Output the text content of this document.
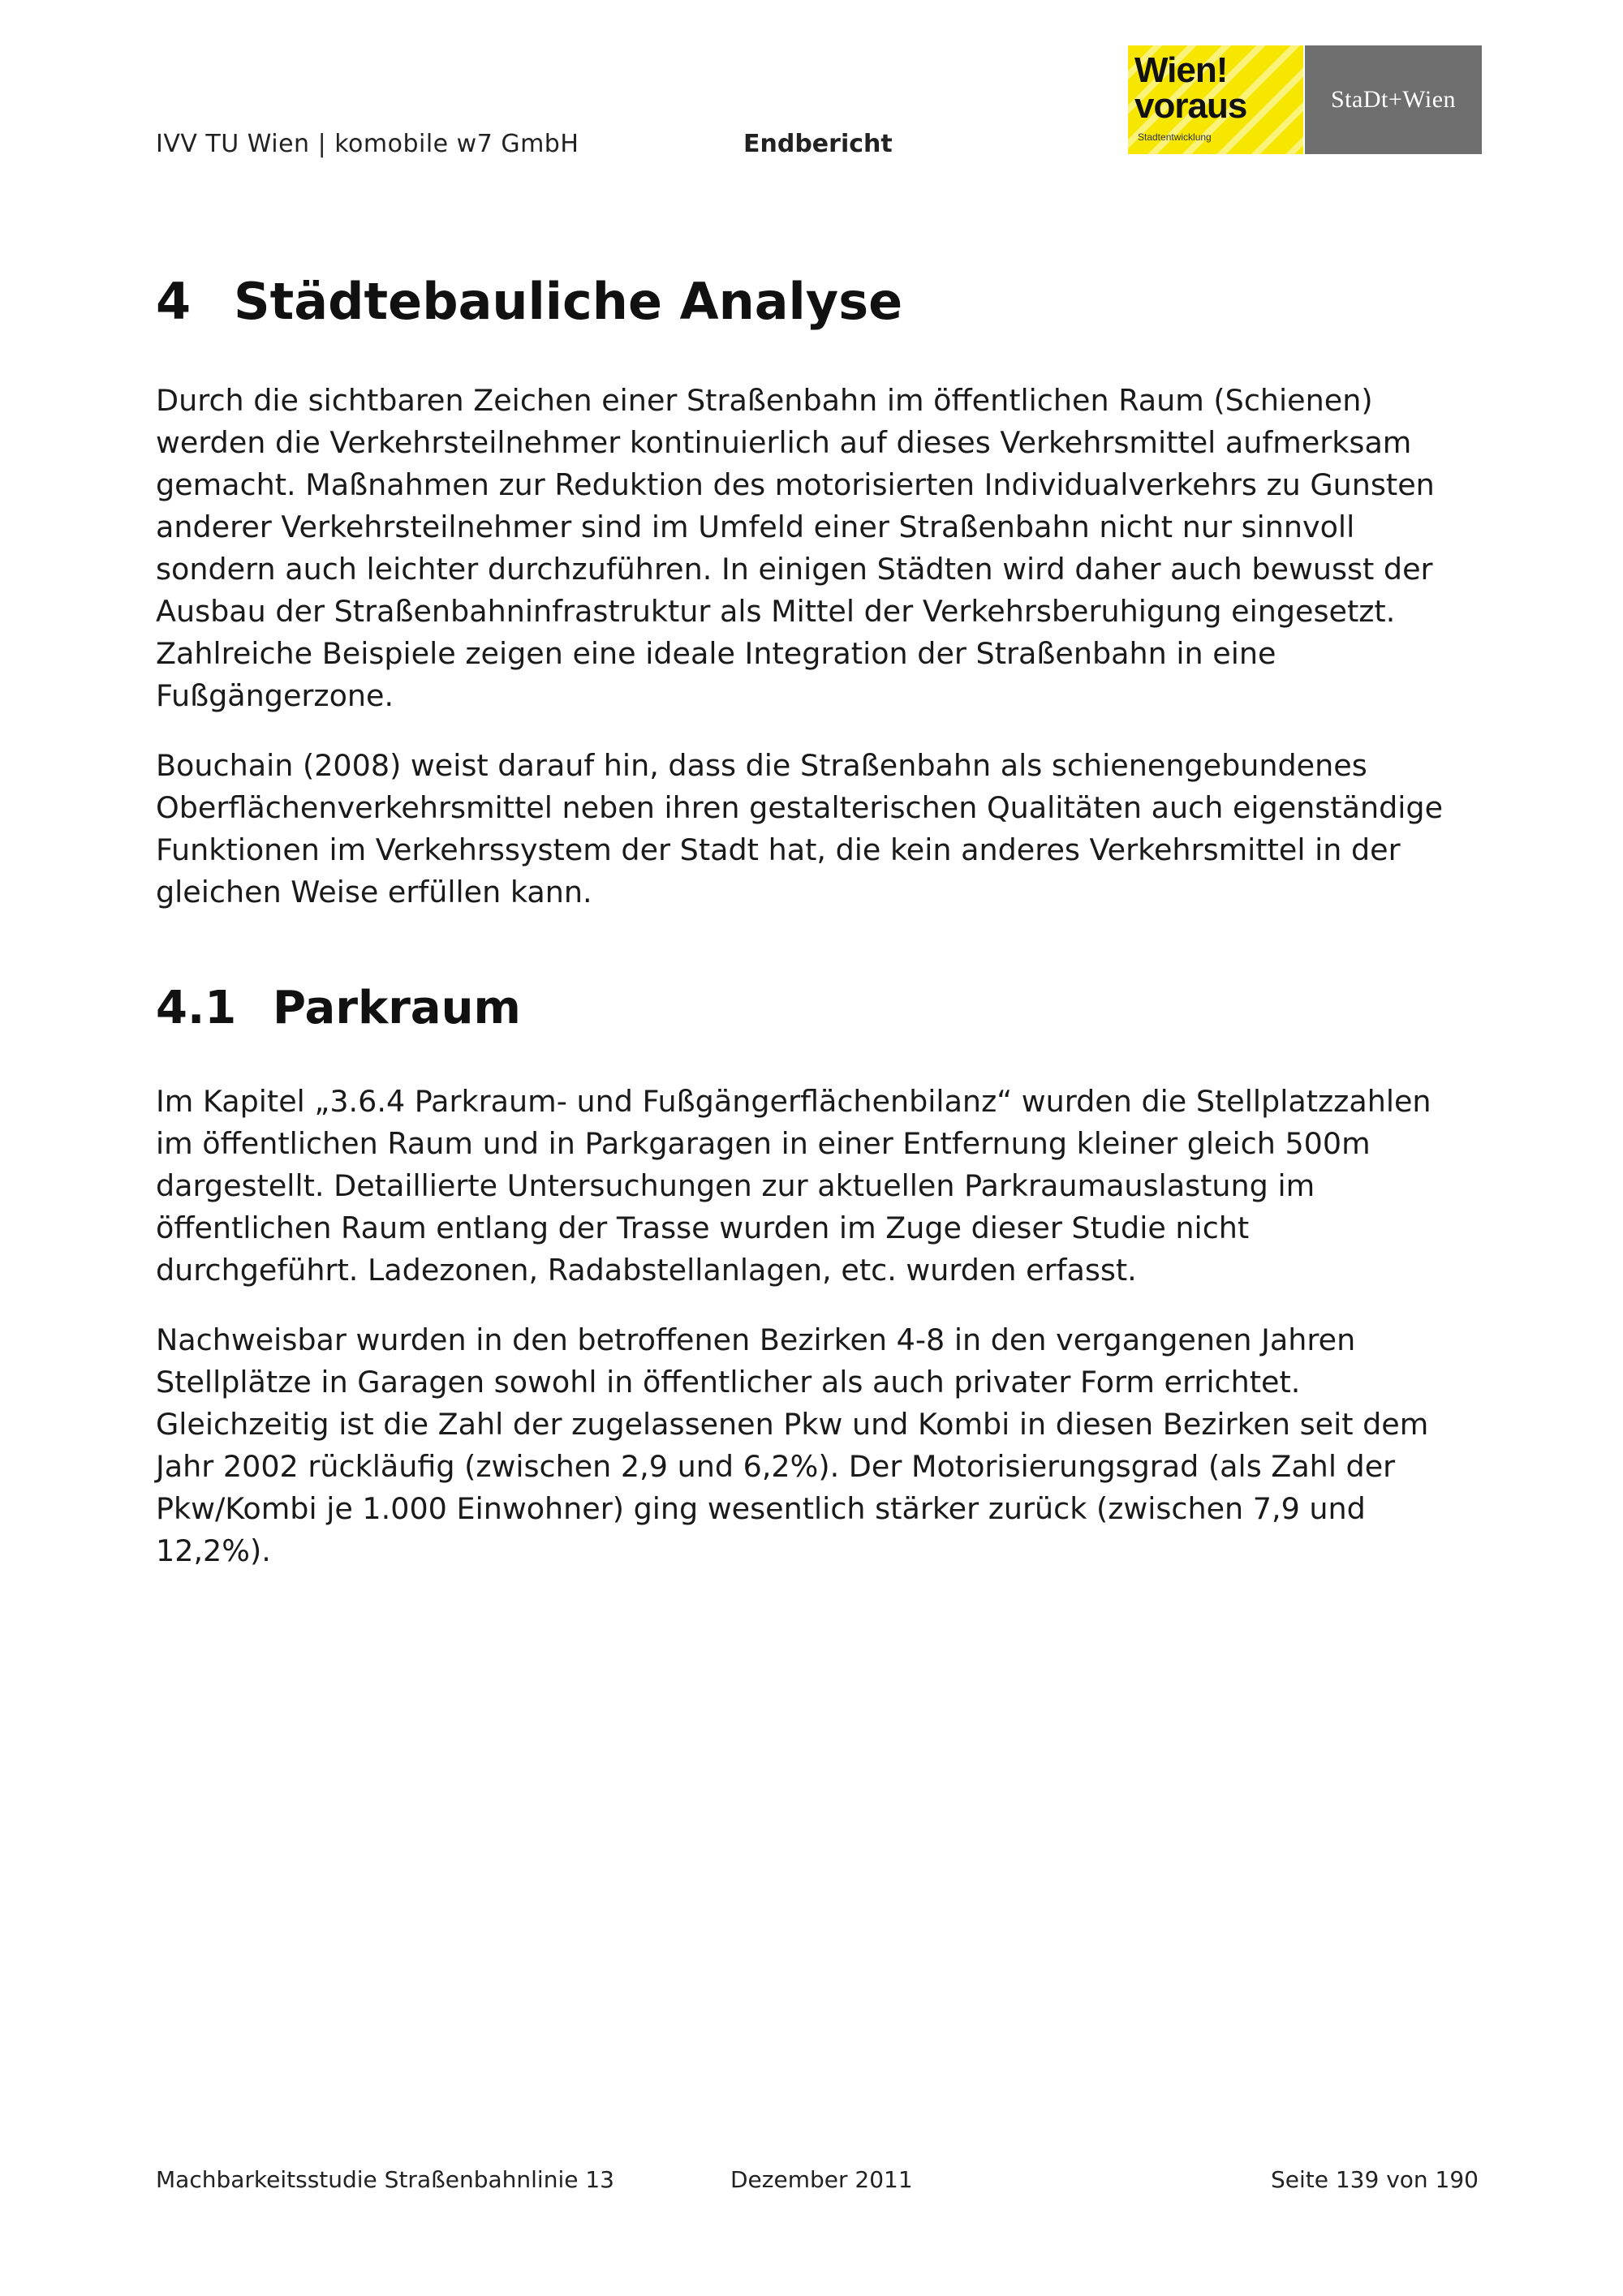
IVV TU Wien | komobile w7 GmbH	Endbericht
Wien!
voraus
Stadtentwicklung
StaDt+Wien
4 Städtebauliche Analyse
Durch die sichtbaren Zeichen einer Straßenbahn im öffentlichen Raum (Schienen)
werden die Verkehrsteilnehmer kontinuierlich auf dieses Verkehrsmittel aufmerksam
gemacht. Maßnahmen zur Reduktion des motorisierten Individualverkehrs zu Gunsten
anderer Verkehrsteilnehmer sind im Umfeld einer Straßenbahn nicht nur sinnvoll
sondern auch leichter durchzuführen. In einigen Städten wird daher auch bewusst der
Ausbau der Straßenbahninfrastruktur als Mittel der Verkehrsberuhigung eingesetzt.
Zahlreiche Beispiele zeigen eine ideale Integration der Straßenbahn in eine
Fußgängerzone.
Bouchain (2008) weist darauf hin, dass die Straßenbahn als schienengebundenes
Oberflächenverkehrsmittel neben ihren gestalterischen Qualitäten auch eigenständige
Funktionen im Verkehrssystem der Stadt hat, die kein anderes Verkehrsmittel in der
gleichen Weise erfüllen kann.
4.1 Parkraum
Im Kapitel „3.6.4 Parkraum- und Fußgängerflächenbilanz“ wurden die Stellplatzzahlen
im öffentlichen Raum und in Parkgaragen in einer Entfernung kleiner gleich 500m
dargestellt. Detaillierte Untersuchungen zur aktuellen Parkraumauslastung im
öffentlichen Raum entlang der Trasse wurden im Zuge dieser Studie nicht
durchgeführt. Ladezonen, Radabstellanlagen, etc. wurden erfasst.
Nachweisbar wurden in den betroffenen Bezirken 4-8 in den vergangenen Jahren
Stellplätze in Garagen sowohl in öffentlicher als auch privater Form errichtet.
Gleichzeitig ist die Zahl der zugelassenen Pkw und Kombi in diesen Bezirken seit dem
Jahr 2002 rückläufig (zwischen 2,9 und 6,2%). Der Motorisierungsgrad (als Zahl der
Pkw/Kombi je 1.000 Einwohner) ging wesentlich stärker zurück (zwischen 7,9 und
12,2%).
Machbarkeitsstudie Straßenbahnlinie 13	Dezember 2011	Seite 139 von 190
